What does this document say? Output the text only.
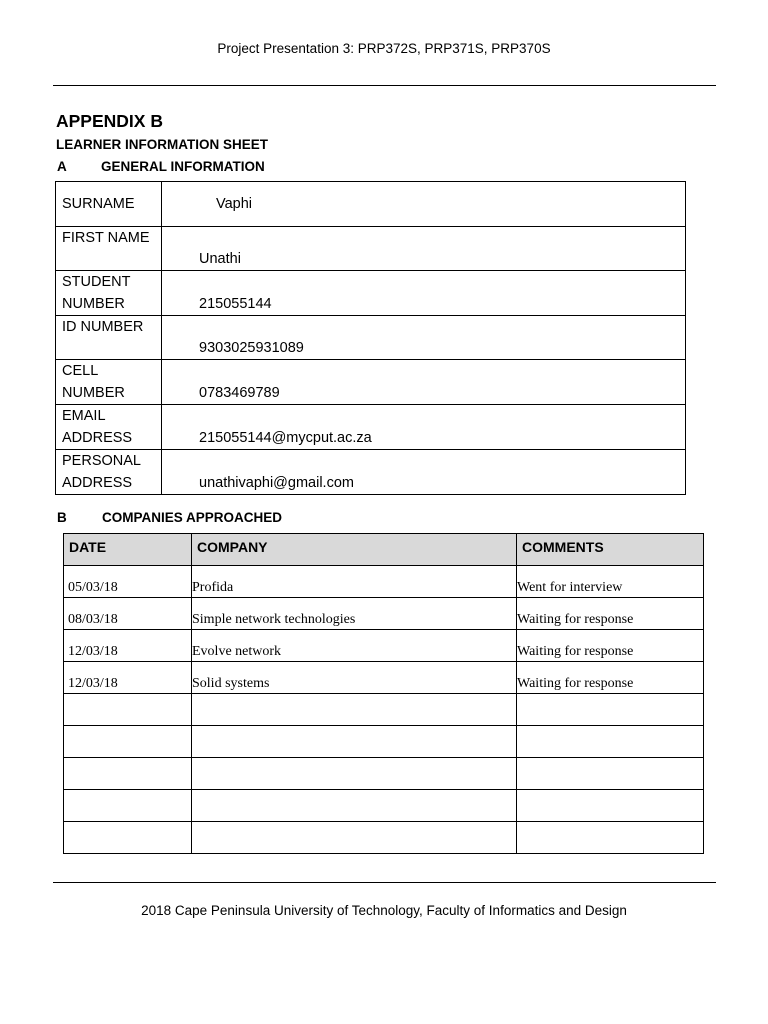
Project Presentation 3: PRP372S, PRP371S, PRP370S
APPENDIX B
LEARNER INFORMATION SHEET
A	GENERAL INFORMATION
SURNAME	Vaphi
FIRST NAME	Unathi
STUDENT NUMBER	215055144
ID NUMBER	9303025931089
CELL NUMBER	0783469789
EMAIL ADDRESS	215055144@mycput.ac.za
PERSONAL ADDRESS	unathivaphi@gmail.com
B	COMPANIES APPROACHED
DATE	COMPANY	COMMENTS
05/03/18	Profida	Went for interview
08/03/18	Simple network technologies	Waiting for response
12/03/18	Evolve network	Waiting for response
12/03/18	Solid systems	Waiting for response

2018 Cape Peninsula University of Technology, Faculty of Informatics and Design
